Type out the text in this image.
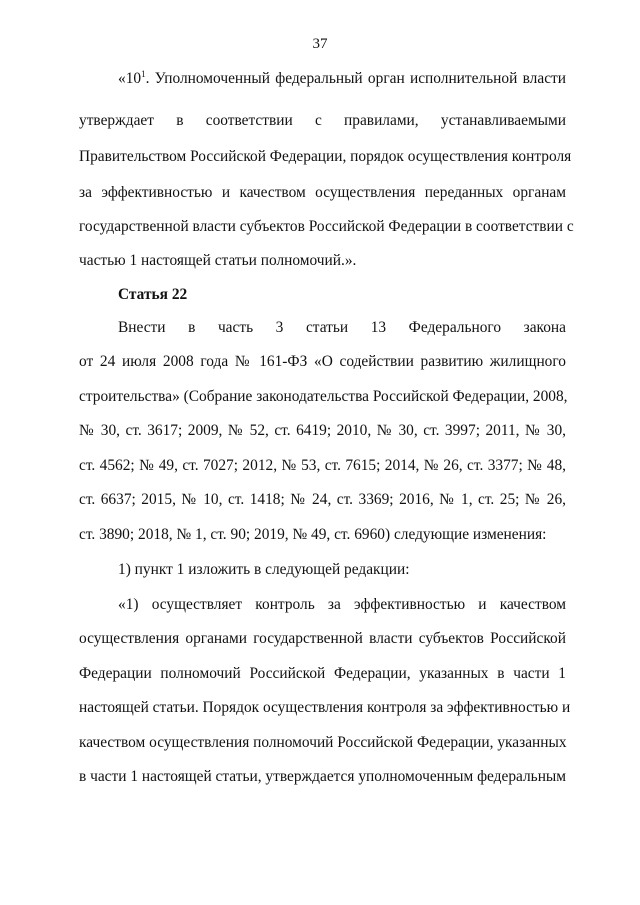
37
«$10^1$. Уполномоченный федеральный орган исполнительной власти
утверждает в соответствии с правилами, устанавливаемыми
Правительством Российской Федерации, порядок осуществления контроля
за эффективностью и качеством осуществления переданных органам
государственной власти субъектов Российской Федерации в соответствии с
частью 1 настоящей статьи полномочий.».
Статья 22
Внести в часть 3 статьи 13 Федерального закона
от 24 июля 2008 года № 161-ФЗ «О содействии развитию жилищного
строительства» (Собрание законодательства Российской Федерации, 2008,
№ 30, ст. 3617; 2009, № 52, ст. 6419; 2010, № 30, ст. 3997; 2011, № 30,
ст. 4562; № 49, ст. 7027; 2012, № 53, ст. 7615; 2014, № 26, ст. 3377; № 48,
ст. 6637; 2015, № 10, ст. 1418; № 24, ст. 3369; 2016, № 1, ст. 25; № 26,
ст. 3890; 2018, № 1, ст. 90; 2019, № 49, ст. 6960) следующие изменения:
1) пункт 1 изложить в следующей редакции:
«1) осуществляет контроль за эффективностью и качеством
осуществления органами государственной власти субъектов Российской
Федерации полномочий Российской Федерации, указанных в части 1
настоящей статьи. Порядок осуществления контроля за эффективностью и
качеством осуществления полномочий Российской Федерации, указанных
в части 1 настоящей статьи, утверждается уполномоченным федеральным
